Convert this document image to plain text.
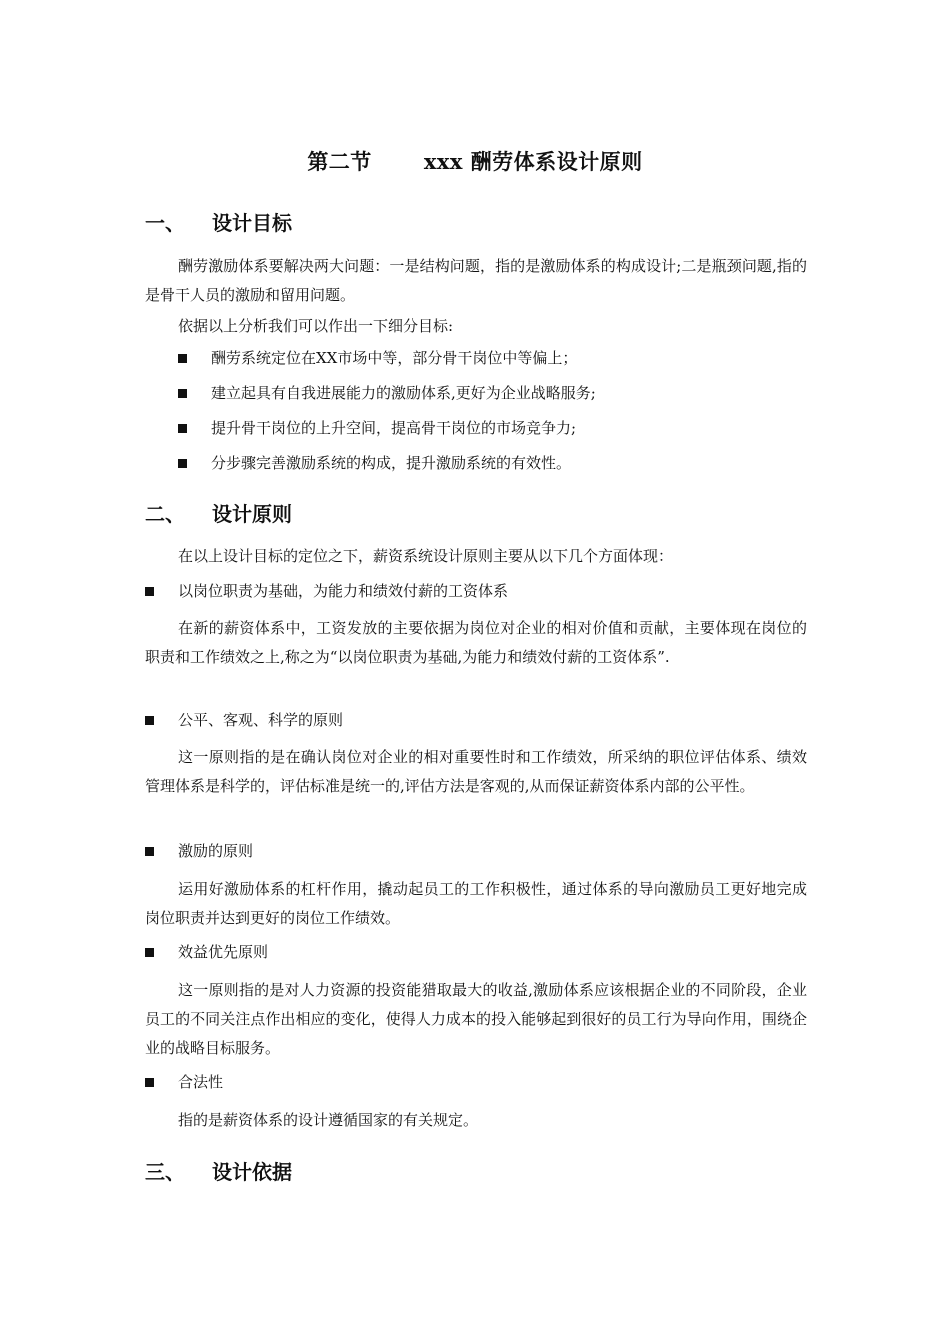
第二节 xxx 酬劳体系设计原则
一、 设计目标
酬劳激励体系要解决两大问题：一是结构问题，指的是激励体系的构成设计;二是瓶颈问题,指的是骨干人员的激励和留用问题。
依据以上分析我们可以作出一下细分目标:
酬劳系统定位在XX市场中等，部分骨干岗位中等偏上；
建立起具有自我进展能力的激励体系,更好为企业战略服务;
提升骨干岗位的上升空间，提高骨干岗位的市场竞争力;
分步骤完善激励系统的构成，提升激励系统的有效性。
二、 设计原则
在以上设计目标的定位之下，薪资系统设计原则主要从以下几个方面体现：
以岗位职责为基础，为能力和绩效付薪的工资体系
在新的薪资体系中，工资发放的主要依据为岗位对企业的相对价值和贡献，主要体现在岗位的职责和工作绩效之上,称之为“以岗位职责为基础,为能力和绩效付薪的工资体系”.
公平、客观、科学的原则
这一原则指的是在确认岗位对企业的相对重要性时和工作绩效，所采纳的职位评估体系、绩效管理体系是科学的，评估标准是统一的,评估方法是客观的,从而保证薪资体系内部的公平性。
激励的原则
运用好激励体系的杠杆作用，撬动起员工的工作积极性，通过体系的导向激励员工更好地完成岗位职责并达到更好的岗位工作绩效。
效益优先原则
这一原则指的是对人力资源的投资能猎取最大的收益,激励体系应该根据企业的不同阶段，企业员工的不同关注点作出相应的变化，使得人力成本的投入能够起到很好的员工行为导向作用，围绕企业的战略目标服务。
合法性
指的是薪资体系的设计遵循国家的有关规定。
三、 设计依据
